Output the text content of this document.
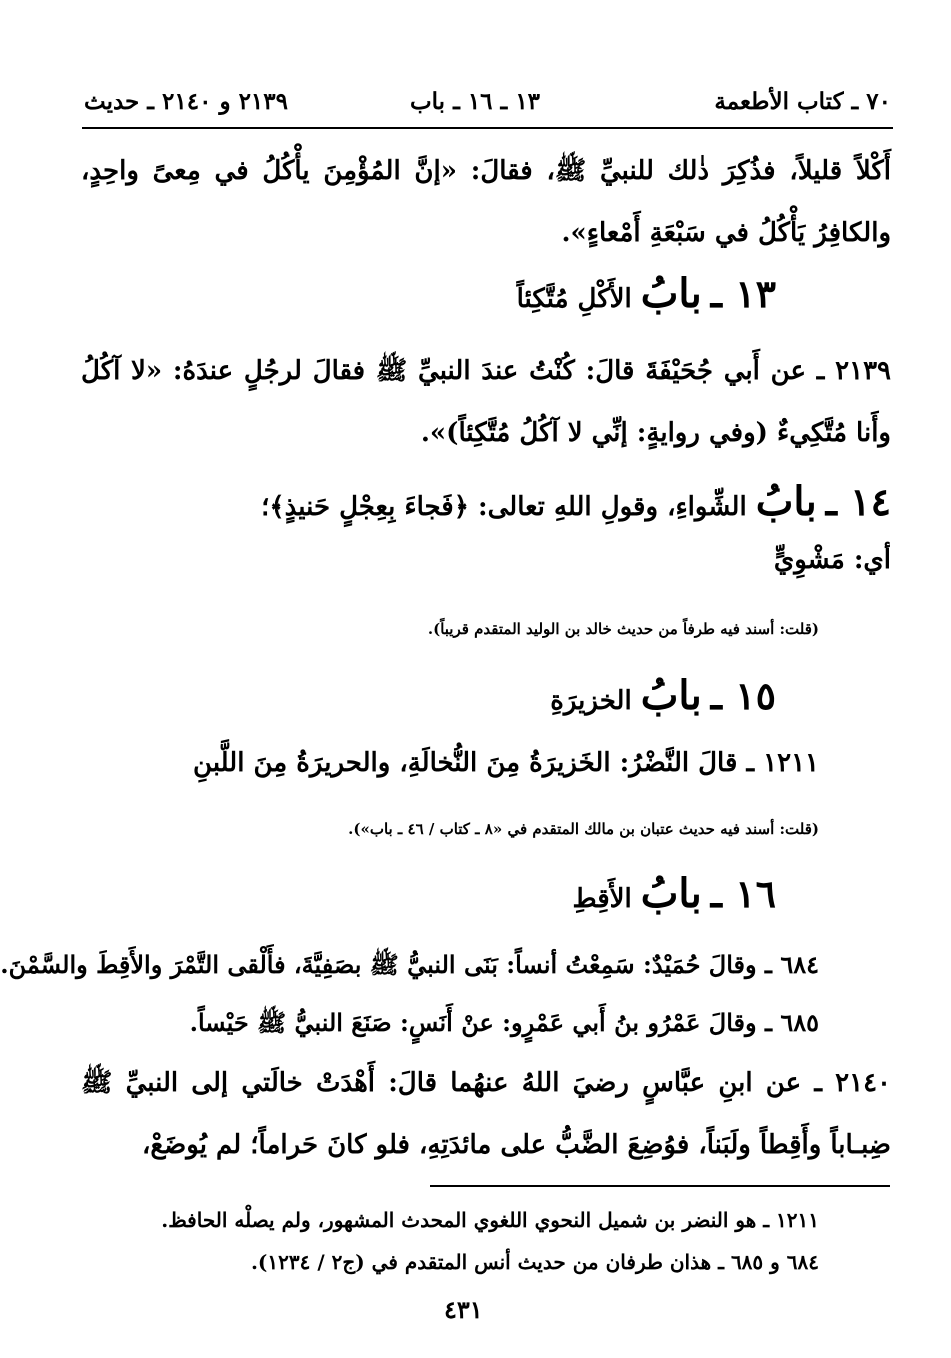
٧٠ ـ كتاب الأطعمة
١٣ ـ ١٦ ـ باب
٢١٣٩ و ٢١٤٠ ـ حديث
أَكْلاً قليلاً، فذُكِرَ ذٰلك للنبيِّ ﷺ، فقالَ: «إنَّ المُؤْمِنَ يأْكُلُ في مِعىً واحِدٍ، والكافِرُ يَأْكُلُ في سَبْعَةِ أَمْعاءٍ».
١٣ ـ بابُ الأَكْلِ مُتَّكِئاً
٢١٣٩ ـ عن أَبي جُحَيْفَةَ قالَ: كُنْتُ عندَ النبيِّ ﷺ فقالَ لرجُلٍ عندَهُ: «لا آكُلُ وأَنا مُتَّكِيءٌ (وفي روايةٍ: إنِّي لا آكُلُ مُتَّكِئاً)».
١٤ ـ بابُ الشِّواءِ، وقولِ اللهِ تعالى: ﴿فَجاءَ بِعِجْلٍ حَنيذٍ﴾؛
أي: مَشْوِيٍّ
(قلت: أسند فيه طرفاً من حديث خالد بن الوليد المتقدم قريباً).
١٥ ـ بابُ الخزيرَةِ
١٢١١ ـ قالَ النَّضْرُ: الخَزيرَةُ مِنَ النُّخالَةِ، والحريرَةُ مِنَ اللَّبنِ
(قلت: أسند فيه حديث عتبان بن مالك المتقدم في «٨ ـ كتاب / ٤٦ ـ باب»).
١٦ ـ بابُ الأَقِطِ
٦٨٤ ـ وقالَ حُمَيْدٌ: سَمِعْتُ أنساً: بَنَى النبيُّ ﷺ بصَفِيَّةَ، فأَلْقى التَّمْرَ والأَقِطَ والسَّمْنَ.
٦٨٥ ـ وقالَ عَمْرُو بنُ أَبي عَمْرٍو: عنْ أَنَسٍ: صَنَعَ النبيُّ ﷺ حَيْساً.
٢١٤٠ ـ عن ابنِ عبَّاسٍ رضيَ اللهُ عنهُما قالَ: أَهْدَتْ خالَتي إلى النبيِّ ﷺ ضِبـاباً وأَقِطاً ولَبَناً، فوُضِعَ الضَّبُّ على مائدَتِهِ، فلو كانَ حَراماً؛ لم يُوضَعْ،
١٢١١ ـ هو النضر بن شميل النحوي اللغوي المحدث المشهور، ولم يصلْه الحافظ.
٦٨٤ و ٦٨٥ ـ هذان طرفان من حديث أنس المتقدم في (ج٢ / ١٢٣٤).
٤٣١
